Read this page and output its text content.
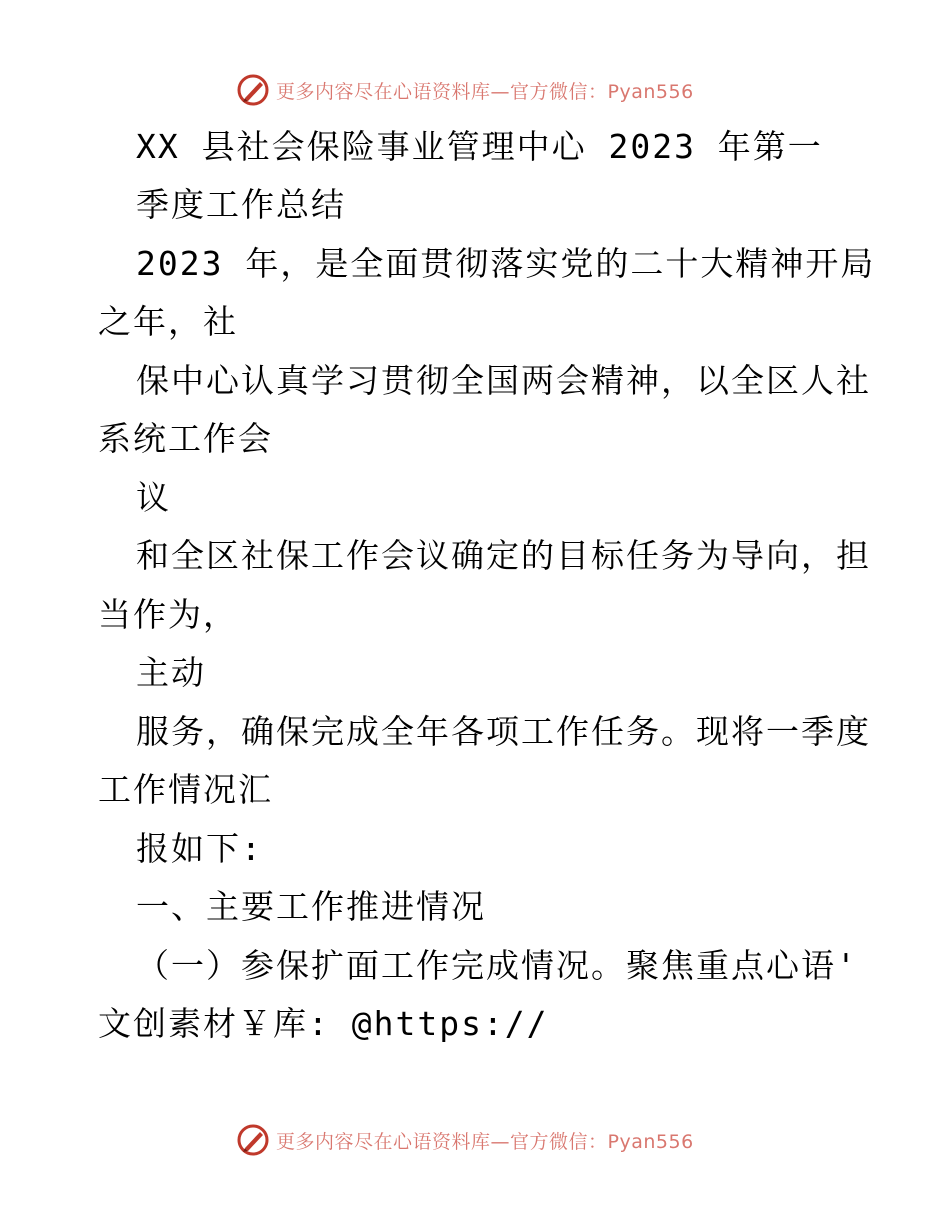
更多内容尽在心语资料库—官方微信：Pyan556
XX 县社会保险事业管理中心 2023 年第一
季度工作总结
2023 年，是全面贯彻落实党的二十大精神开局
之年，社
保中心认真学习贯彻全国两会精神，以全区人社
系统工作会
议
和全区社保工作会议确定的目标任务为导向，担
当作为，
主动
服务，确保完成全年各项工作任务。现将一季度
工作情况汇
报如下:
一、主要工作推进情况
（一）参保扩面工作完成情况。聚焦重点心语'
文创素材￥库: @https://
更多内容尽在心语资料库—官方微信：Pyan556
